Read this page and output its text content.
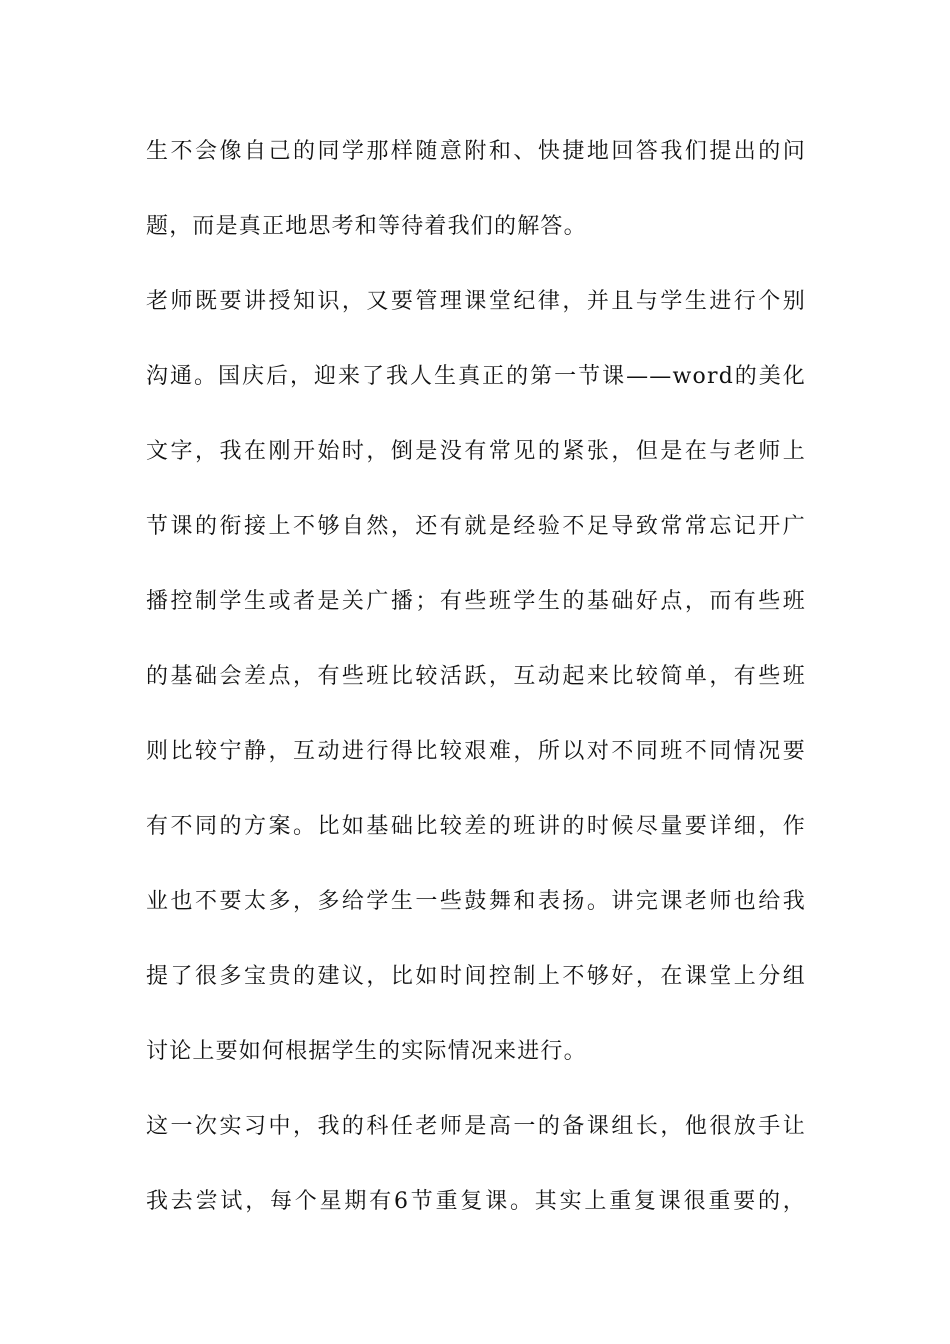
生不会像自己的同学那样随意附和、快捷地回答我们提出的问
题，而是真正地思考和等待着我们的解答。
老师既要讲授知识，又要管理课堂纪律，并且与学生进行个别
沟通。国庆后，迎来了我人生真正的第一节课——word的美化
文字，我在刚开始时，倒是没有常见的紧张，但是在与老师上
节课的衔接上不够自然，还有就是经验不足导致常常忘记开广
播控制学生或者是关广播；有些班学生的基础好点，而有些班
的基础会差点，有些班比较活跃，互动起来比较简单，有些班
则比较宁静，互动进行得比较艰难，所以对不同班不同情况要
有不同的方案。比如基础比较差的班讲的时候尽量要详细，作
业也不要太多，多给学生一些鼓舞和表扬。讲完课老师也给我
提了很多宝贵的建议，比如时间控制上不够好，在课堂上分组
讨论上要如何根据学生的实际情况来进行。
这一次实习中，我的科任老师是高一的备课组长，他很放手让
我去尝试，每个星期有6节重复课。其实上重复课很重要的，
